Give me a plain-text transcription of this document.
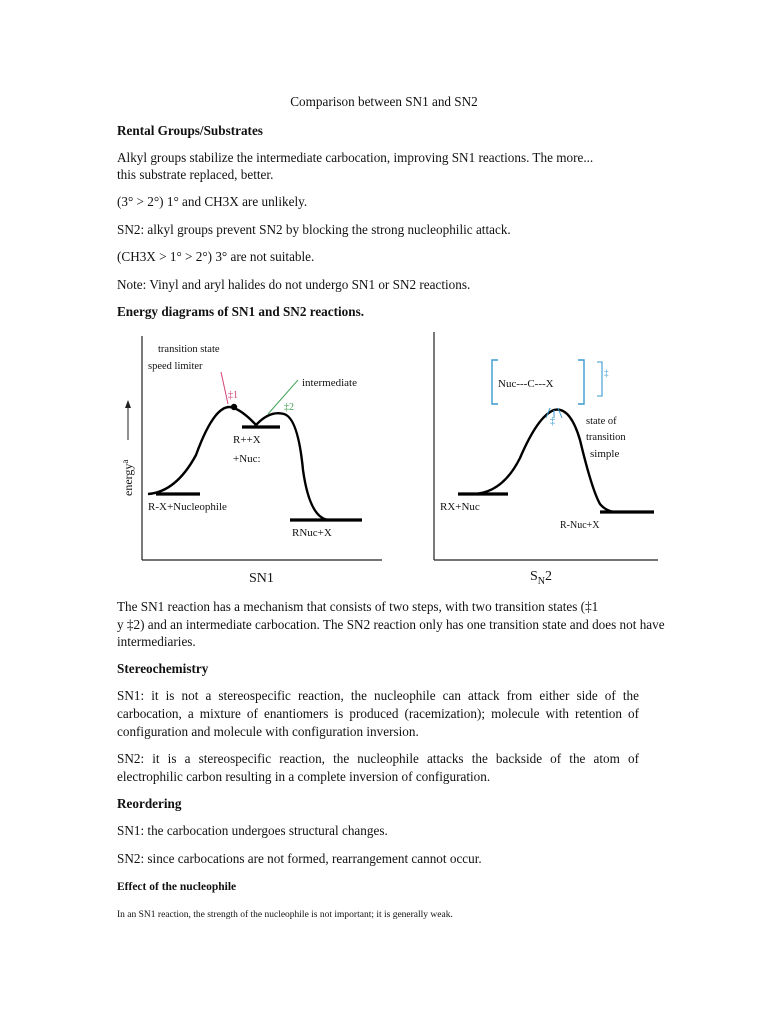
Comparison between SN1 and SN2
Rental Groups/Substrates
Alkyl groups stabilize the intermediate carbocation, improving SN1 reactions. The more...
this substrate replaced, better.
(3° > 2°) 1° and CH3X are unlikely.
SN2: alkyl groups prevent SN2 by blocking the strong nucleophilic attack.
(CH3X > 1° > 2°) 3° are not suitable.
Note: Vinyl and aryl halides do not undergo SN1 or SN2 reactions.
Energy diagrams of SN1 and SN2 reactions.
transition state
speed limiter
intermediate
‡1
‡2
R++X
+Nuc:
energy$^a$
R-X+Nucleophile
RNuc+X
SN1
Nuc---C---X
‡
‡
state of
transition
simple
RX+Nuc
R-Nuc+X
$S_N2$
The SN1 reaction has a mechanism that consists of two steps, with two transition states (‡1
y ‡2) and an intermediate carbocation. The SN2 reaction only has one transition state and does not have
intermediaries.
Stereochemistry
SN1: it is not a stereospecific reaction, the nucleophile can attack from either side of the carbocation, a mixture of enantiomers is produced (racemization); molecule with retention of configuration and molecule with configuration inversion.
SN2: it is a stereospecific reaction, the nucleophile attacks the backside of the atom of electrophilic carbon resulting in a complete inversion of configuration.
Reordering
SN1: the carbocation undergoes structural changes.
SN2: since carbocations are not formed, rearrangement cannot occur.
Effect of the nucleophile
In an SN1 reaction, the strength of the nucleophile is not important; it is generally weak.
